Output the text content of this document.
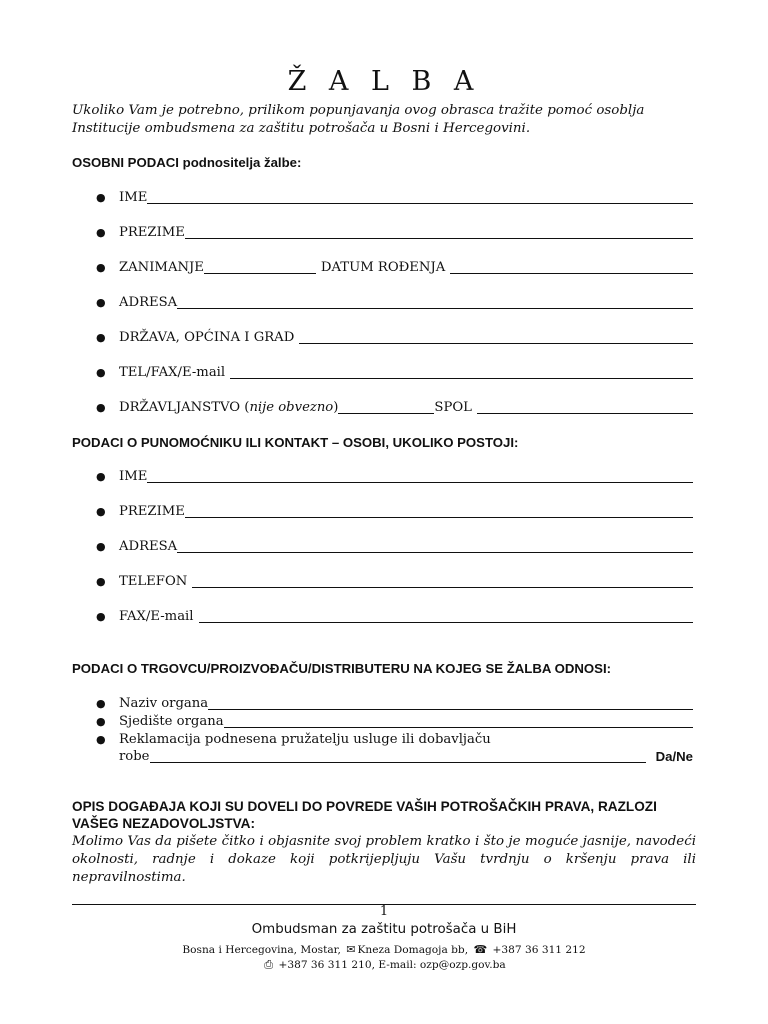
Ž A L B A
Ukoliko Vam je potrebno, prilikom popunjavanja ovog obrasca tražite pomoć osoblja Institucije ombudsmena za zaštitu potrošača u Bosni i Hercegovini.
OSOBNI PODACI podnositelja žalbe:
●	IME
●	PREZIME
●	ZANIMANJE	DATUM ROĐENJA
●	ADRESA
●	DRŽAVA, OPĆINA I GRAD
●	TEL/FAX/E-mail
●	DRŽAVLJANSTVO (nije obvezno)	SPOL
PODACI O PUNOMOĆNIKU ILI KONTAKT – OSOBI, UKOLIKO POSTOJI:
●	IME
●	PREZIME
●	ADRESA
●	TELEFON
●	FAX/E-mail
PODACI O TRGOVCU/PROIZVOĐAČU/DISTRIBUTERU NA KOJEG SE ŽALBA ODNOSI:
●	Naziv organa
●	Sjedište organa
●	Reklamacija podnesena pružatelju usluge ili dobavljaču
robe	Da/Ne
OPIS DOGAĐAJA KOJI SU DOVELI DO POVREDE VAŠIH POTROŠAČKIH PRAVA, RAZLOZI VAŠEG NEZADOVOLJSTVA:
Molimo Vas da pišete čitko i objasnite svoj problem kratko i što je moguće jasnije, navodeći okolnosti, radnje i dokaze koji potkrijepljuju Vašu tvrdnju o kršenju prava ili nepravilnostima.
1
Ombudsman za zaštitu potrošača u BiH
Bosna i Hercegovina, Mostar, ✉ Kneza Domagoja bb, ☎ +387 36 311 212
⎙ +387 36 311 210, E-mail: ozp@ozp.gov.ba
